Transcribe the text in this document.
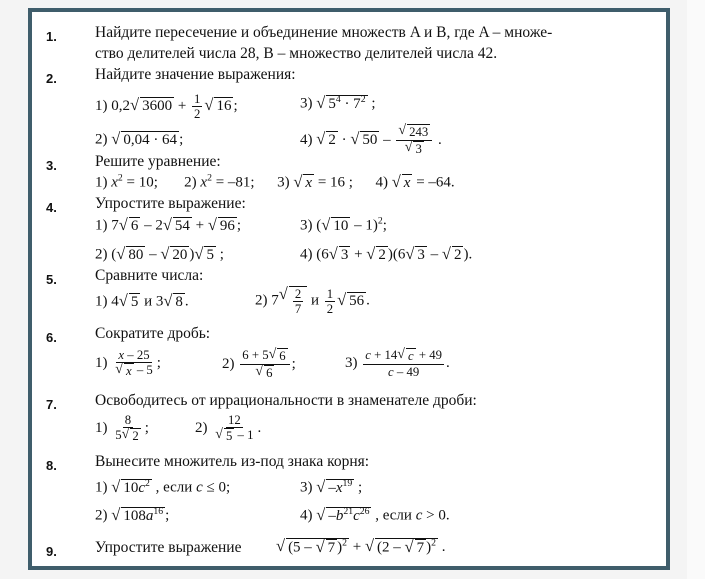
1. Найдите пересечение и объединение множеств A и B, где A – множе-
ство делителей числа 28, B – множество делителей числа 42.
2. Найдите значение выражения:
1) 0,2 √ $3600 + \frac{1}{2}$ √ 16 ;	3) √ $5^4 \cdot 7^2$ ;
2) √ 0,04 · 64 ;	4) √ 2 · √ $50 - \frac{√ 243}{√ 3}$ .
3. Решите уравнение:
1) $x^2 = 10$;       2) $x^2 = -81$;      3) √ x = 16 ;      4) √ x = –64.
4. Упростите выражение:
1) 7 √ 6 – 2 √ 54 + √ 96 ;	3) ( √ 10 – 1)$^2$;
2) ( √ 80 – √ 20 ) √ 5 ;	4) (6 √ 3 + √ 2 )(6 √ 3 – √ 2 ).
5. Сравните числа:
1) 4 √ 5 и 3 √ 8 .	2) 7 √ $\frac{2}{7}$ и $\frac{1}{2}$ √ 56 .
6. Сократите дробь:
$1) \frac{x - 25}{√ x - 5}$ ;	$2) \frac{6 + 5 √ 6}{√ 6}$ ;	$3) \frac{c + 14 √ c + 49}{c - 49}$ .
7. Освободитесь от иррациональности в знаменателе дроби:
$1) \frac{8}{5 √ 2}$ ;	$2) \frac{12}{√ 5 - 1}$ .
8. Вынесите множитель из-под знака корня:
1) √ $10c^2$ , если c ≤ 0;	3) √ $-x^{19}$ ;
2) √ $108a^{16}$ ;	4) √ $-b^{21}c^{26}$ , если c > 0.
9. Упростите выражение √ (5 – √ 7 )$^2$ + √ (2 – √ 7 )$^2$ .
